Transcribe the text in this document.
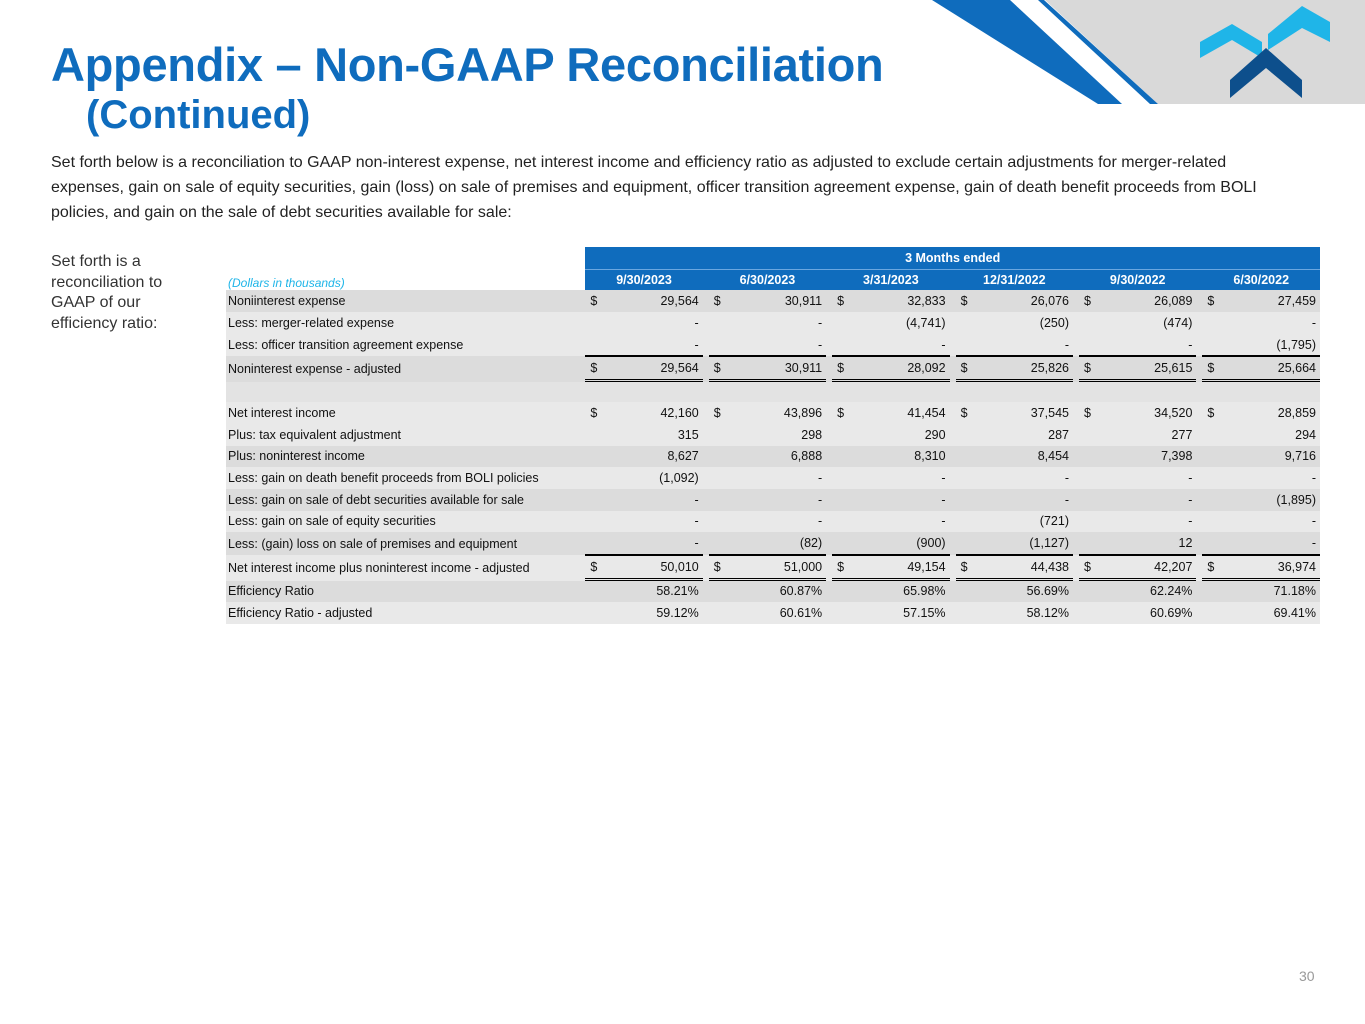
Appendix – Non-GAAP Reconciliation
(Continued)

Set forth below is a reconciliation to GAAP non-interest expense, net interest income and efficiency ratio as adjusted to exclude certain adjustments for merger-related expenses, gain on sale of equity securities, gain (loss) on sale of premises and equipment, officer transition agreement expense, gain of death benefit proceeds from BOLI policies, and gain on the sale of debt securities available for sale:

Set forth is a reconciliation to GAAP of our efficiency ratio:

	3 Months ended																
(Dollars in thousands)	9/30/2023			6/30/2023			3/31/2023			12/31/2022			9/30/2022			6/30/2022	
Noniinterest expense	$	29,564		$	30,911		$	32,833		$	26,076		$	26,089		$	27,459
Less: merger-related expense		-			-			(4,741)			(250)			(474)			-
Less: officer transition agreement expense		-			-			-			-			-			(1,795)
Noninterest expense - adjusted	$	29,564		$	30,911		$	28,092		$	25,826		$	25,615		$	25,664

Net interest income	$	42,160		$	43,896		$	41,454		$	37,545		$	34,520		$	28,859
Plus: tax equivalent adjustment		315			298			290			287			277			294
Plus: noninterest income		8,627			6,888			8,310			8,454			7,398			9,716
Less: gain on death benefit proceeds from BOLI policies		(1,092)			-			-			-			-			-
Less: gain on sale of debt securities available for sale		-			-			-			-			-			(1,895)
Less: gain on sale of equity securities		-			-			-			(721)			-			-
Less: (gain) loss on sale of premises and equipment		-			(82)			(900)			(1,127)			12			-
Net interest income plus noninterest income - adjusted	$	50,010		$	51,000		$	49,154		$	44,438		$	42,207		$	36,974
Efficiency Ratio		58.21%			60.87%			65.98%			56.69%			62.24%			71.18%
Efficiency Ratio - adjusted		59.12%			60.61%			57.15%			58.12%			60.69%			69.41%
30
